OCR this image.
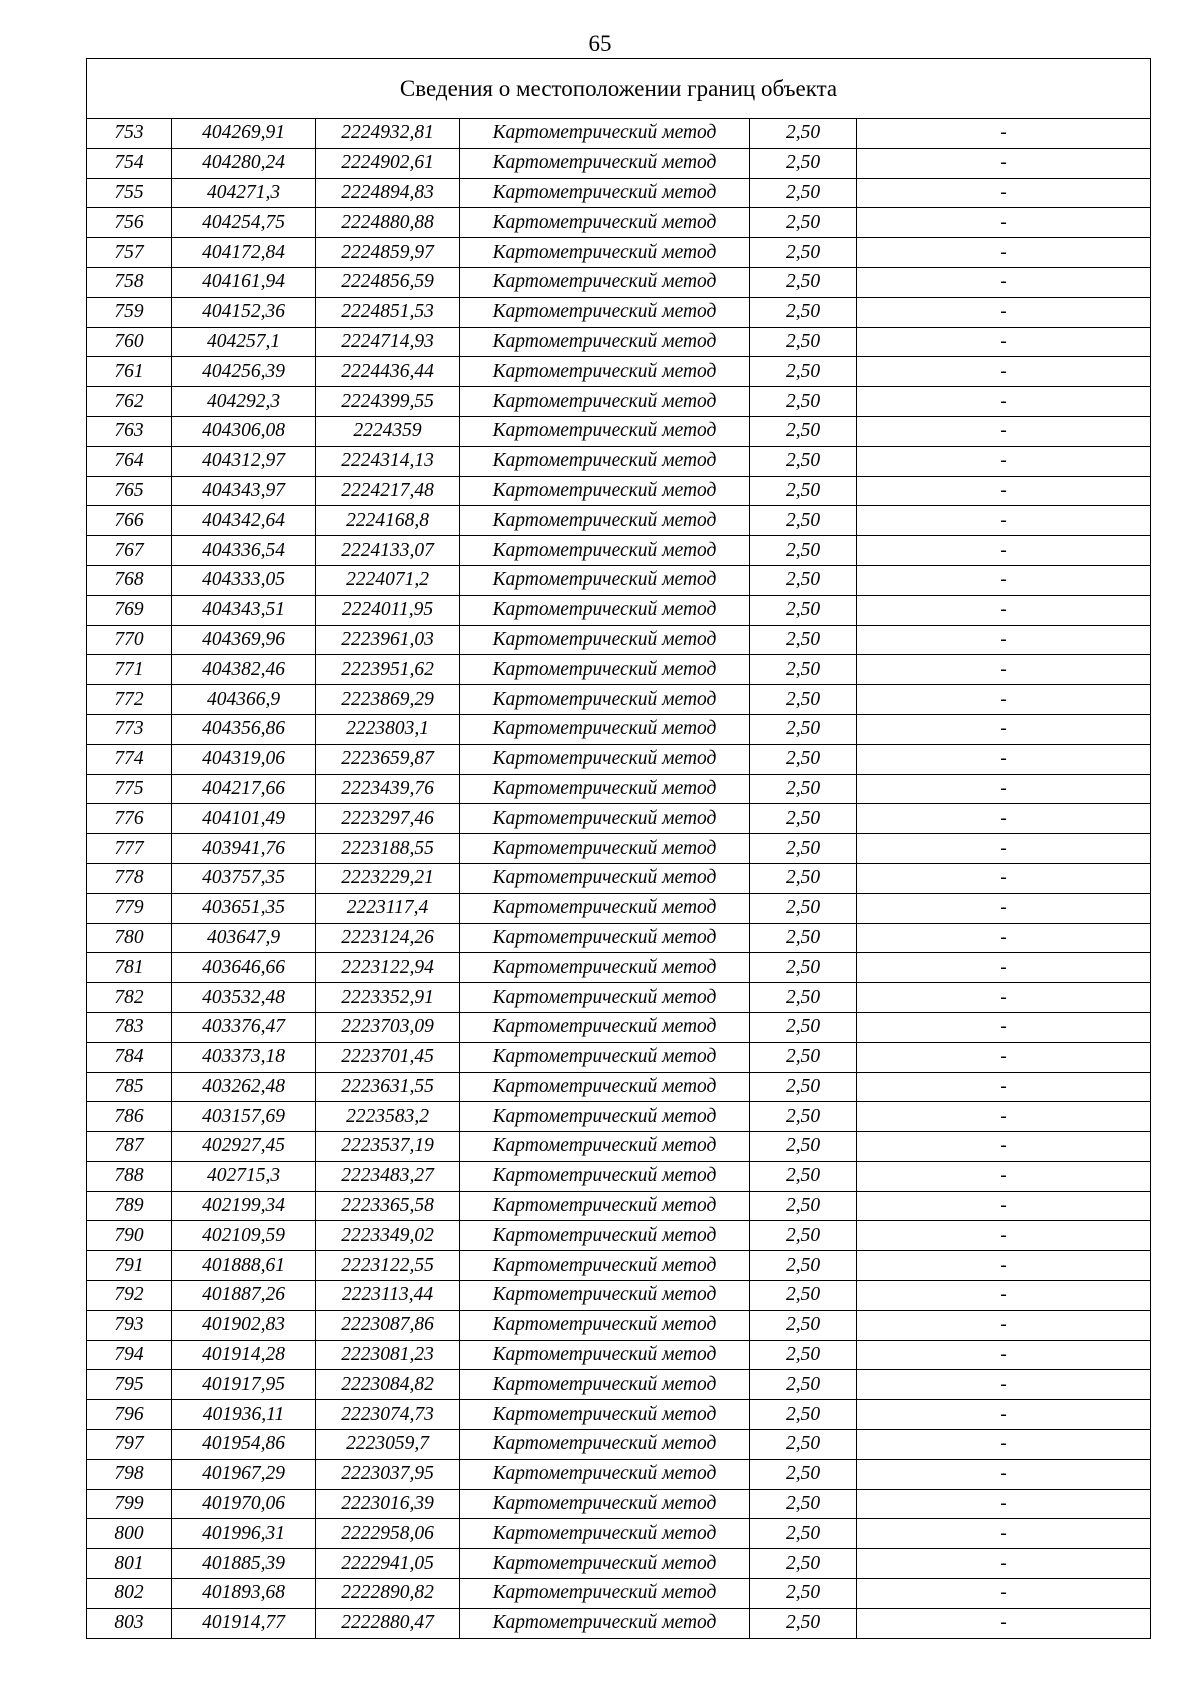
65
Сведения о местоположении границ объекта					
753	404269,91	2224932,81	Картометрический метод	2,50	-
754	404280,24	2224902,61	Картометрический метод	2,50	-
755	404271,3	2224894,83	Картометрический метод	2,50	-
756	404254,75	2224880,88	Картометрический метод	2,50	-
757	404172,84	2224859,97	Картометрический метод	2,50	-
758	404161,94	2224856,59	Картометрический метод	2,50	-
759	404152,36	2224851,53	Картометрический метод	2,50	-
760	404257,1	2224714,93	Картометрический метод	2,50	-
761	404256,39	2224436,44	Картометрический метод	2,50	-
762	404292,3	2224399,55	Картометрический метод	2,50	-
763	404306,08	2224359	Картометрический метод	2,50	-
764	404312,97	2224314,13	Картометрический метод	2,50	-
765	404343,97	2224217,48	Картометрический метод	2,50	-
766	404342,64	2224168,8	Картометрический метод	2,50	-
767	404336,54	2224133,07	Картометрический метод	2,50	-
768	404333,05	2224071,2	Картометрический метод	2,50	-
769	404343,51	2224011,95	Картометрический метод	2,50	-
770	404369,96	2223961,03	Картометрический метод	2,50	-
771	404382,46	2223951,62	Картометрический метод	2,50	-
772	404366,9	2223869,29	Картометрический метод	2,50	-
773	404356,86	2223803,1	Картометрический метод	2,50	-
774	404319,06	2223659,87	Картометрический метод	2,50	-
775	404217,66	2223439,76	Картометрический метод	2,50	-
776	404101,49	2223297,46	Картометрический метод	2,50	-
777	403941,76	2223188,55	Картометрический метод	2,50	-
778	403757,35	2223229,21	Картометрический метод	2,50	-
779	403651,35	2223117,4	Картометрический метод	2,50	-
780	403647,9	2223124,26	Картометрический метод	2,50	-
781	403646,66	2223122,94	Картометрический метод	2,50	-
782	403532,48	2223352,91	Картометрический метод	2,50	-
783	403376,47	2223703,09	Картометрический метод	2,50	-
784	403373,18	2223701,45	Картометрический метод	2,50	-
785	403262,48	2223631,55	Картометрический метод	2,50	-
786	403157,69	2223583,2	Картометрический метод	2,50	-
787	402927,45	2223537,19	Картометрический метод	2,50	-
788	402715,3	2223483,27	Картометрический метод	2,50	-
789	402199,34	2223365,58	Картометрический метод	2,50	-
790	402109,59	2223349,02	Картометрический метод	2,50	-
791	401888,61	2223122,55	Картометрический метод	2,50	-
792	401887,26	2223113,44	Картометрический метод	2,50	-
793	401902,83	2223087,86	Картометрический метод	2,50	-
794	401914,28	2223081,23	Картометрический метод	2,50	-
795	401917,95	2223084,82	Картометрический метод	2,50	-
796	401936,11	2223074,73	Картометрический метод	2,50	-
797	401954,86	2223059,7	Картометрический метод	2,50	-
798	401967,29	2223037,95	Картометрический метод	2,50	-
799	401970,06	2223016,39	Картометрический метод	2,50	-
800	401996,31	2222958,06	Картометрический метод	2,50	-
801	401885,39	2222941,05	Картометрический метод	2,50	-
802	401893,68	2222890,82	Картометрический метод	2,50	-
803	401914,77	2222880,47	Картометрический метод	2,50	-
